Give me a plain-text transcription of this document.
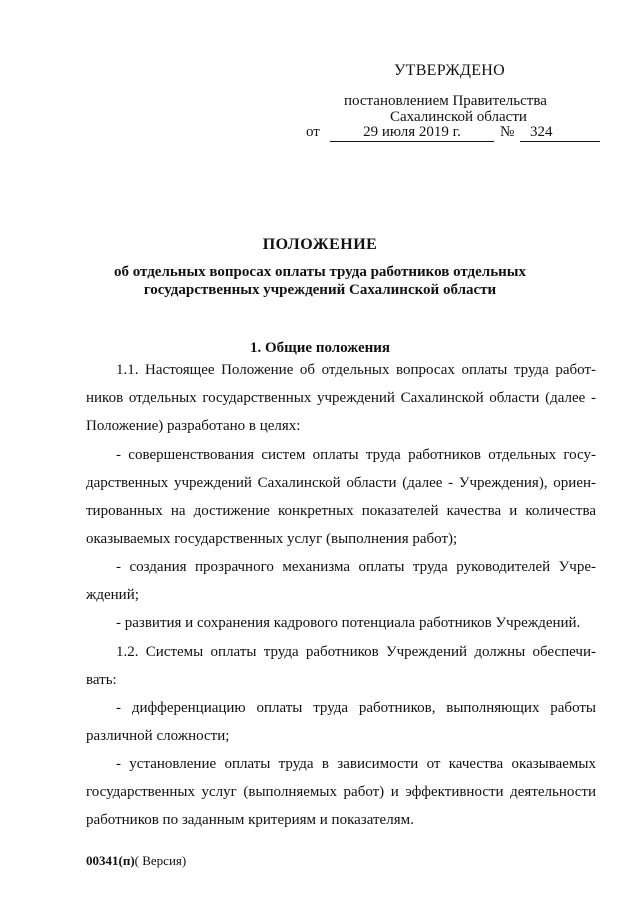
УТВЕРЖДЕНО
постановлением Правительства
Сахалинской области
от	29 июля 2019 г.	№	324
ПОЛОЖЕНИЕ
об отдельных вопросах оплаты труда работников отдельных
государственных учреждений Сахалинской области
1. Общие положения
1.1. Настоящее Положение об отдельных вопросах оплаты труда работ-
ников отдельных государственных учреждений Сахалинской области (далее -
Положение) разработано в целях:
- совершенствования систем оплаты труда работников отдельных госу-
дарственных учреждений Сахалинской области (далее - Учреждения), ориен-
тированных на достижение конкретных показателей качества и количества
оказываемых государственных услуг (выполнения работ);
- создания прозрачного механизма оплаты труда руководителей Учре-
ждений;
- развития и сохранения кадрового потенциала работников Учреждений.
1.2. Системы оплаты труда работников Учреждений должны обеспечи-
вать:
- дифференциацию оплаты труда работников, выполняющих работы
различной сложности;
- установление оплаты труда в зависимости от качества оказываемых
государственных услуг (выполняемых работ) и эффективности деятельности
работников по заданным критериям и показателям.
00341(п)( Версия)
